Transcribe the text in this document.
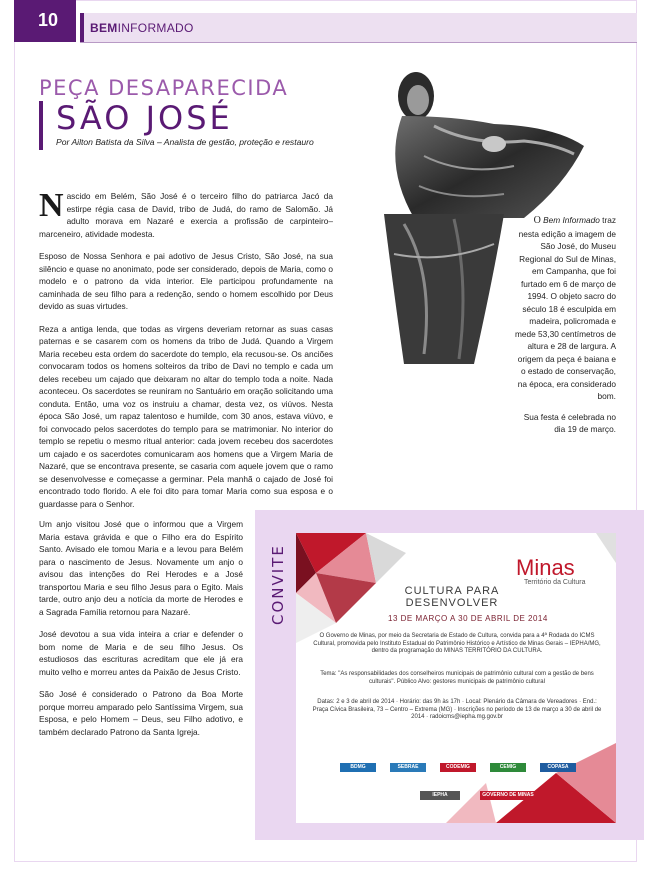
10	BEMINFORMADO
PEÇA DESAPARECIDA
SÃO JOSÉ
Por Ailton Batista da Silva – Analista de gestão, proteção e restauro

Nascido em Belém, São José é o terceiro filho do patriarca Jacó da estirpe régia casa de David, tribo de Judá, do ramo de Salomão. Já adulto morava em Nazaré e exercia a profissão de carpinteiro–marceneiro, atividade modesta.

Esposo de Nossa Senhora e pai adotivo de Jesus Cristo, São José, na sua silêncio e quase no anonimato, pode ser considerado, depois de Maria, como o modelo e o patrono da vida interior. Ele participou profundamente na caminhada de seu filho para a redenção, sendo o homem escolhido por Deus devido as suas virtudes.

Reza a antiga lenda, que todas as virgens deveriam retornar as suas casas paternas e se casarem com os homens da tribo de Judá. Quando a Virgem Maria recebeu esta ordem do sacerdote do templo, ela recusou-se. Os anciões convocaram todos os homens solteiros da tribo de Davi no templo e cada um deles recebeu um cajado que deixaram no altar do templo toda a noite. Nada aconteceu. Os sacerdotes se reuniram no Santuário em oração solicitando uma conduta. Então, uma voz os instruiu a chamar, desta vez, os viúvos. Nesta época São José, um rapaz talentoso e humilde, com 30 anos, estava viúvo, e foi convocado pelos sacerdotes do templo para se matrimoniar. No interior do templo se repetiu o mesmo ritual anterior: cada jovem recebeu dos sacerdotes um cajado e os sacerdotes comunicaram aos homens que a Virgem Maria de Nazaré, que se encontrava presente, se casaria com aquele jovem que o ramo se desenvolvesse e começasse a germinar. Pela manhã o cajado de José foi encontrado todo florido. A ele foi dito para tomar Maria como sua esposa e o guardasse para o Senhor.

O Bem Informado traz nesta edição a imagem de São José, do Museu Regional do Sul de Minas, em Campanha, que foi furtado em 6 de março de 1994. O objeto sacro do século 18 é esculpida em madeira, policromada e mede 53,30 centímetros de altura e 28 de largura. A origem da peça é baiana e o estado de conservação, na época, era considerado bom.

Sua festa é celebrada no dia 19 de março.

Um anjo visitou José que o informou que a Virgem Maria estava grávida e que o Filho era do Espírito Santo. Avisado ele tomou Maria e a levou para Belém para o nascimento de Jesus. Novamente um anjo o avisou das intenções do Rei Herodes e a José transportou Maria e seu filho Jesus para o Egito. Mais tarde, outro anjo deu a notícia da morte de Herodes e a Sagrada Família retornou para Nazaré.

José devotou a sua vida inteira a criar e defender o bom nome de Maria e de seu filho Jesus. Os estudiosos das escrituras acreditam que ele já era muito velho e morreu antes da Paixão de Jesus Cristo.

São José é considerado o Patrono da Boa Morte porque morreu amparado pelo Santíssima Virgem, sua Esposa, e pelo Homem – Deus, seu Filho adotivo, e também declarado Patrono da Santa Igreja.

CONVITE	Minas
Território da Cultura
CULTURA PARA
DESENVOLVER
13 DE MARÇO A 30 DE ABRIL DE 2014
O Governo de Minas, por meio da Secretaria de Estado de Cultura, convida para a 4ª Rodada do ICMS Cultural, promovida pelo Instituto Estadual do Patrimônio Histórico e Artístico de Minas Gerais – IEPHA/MG, dentro da programação do MINAS TERRITÓRIO DA CULTURA.
Tema: "As responsabilidades dos conselheiros municipais de patrimônio cultural com a gestão de bens culturais". Público Alvo: gestores municipais de patrimônio cultural
Datas: 2 e 3 de abril de 2014 · Horário: das 9h às 17h · Local: Plenário da Câmara de Vereadores · End.: Praça Cívica Brasileira, 73 – Centro – Extrema (MG) · Inscrições no período de 13 de março a 30 de abril de 2014 · radoicms@iepha.mg.gov.br
BDMG	SEBRAE	CODEMIG	CEMIG	COPASA
IEPHA	GOVERNO DE MINAS
